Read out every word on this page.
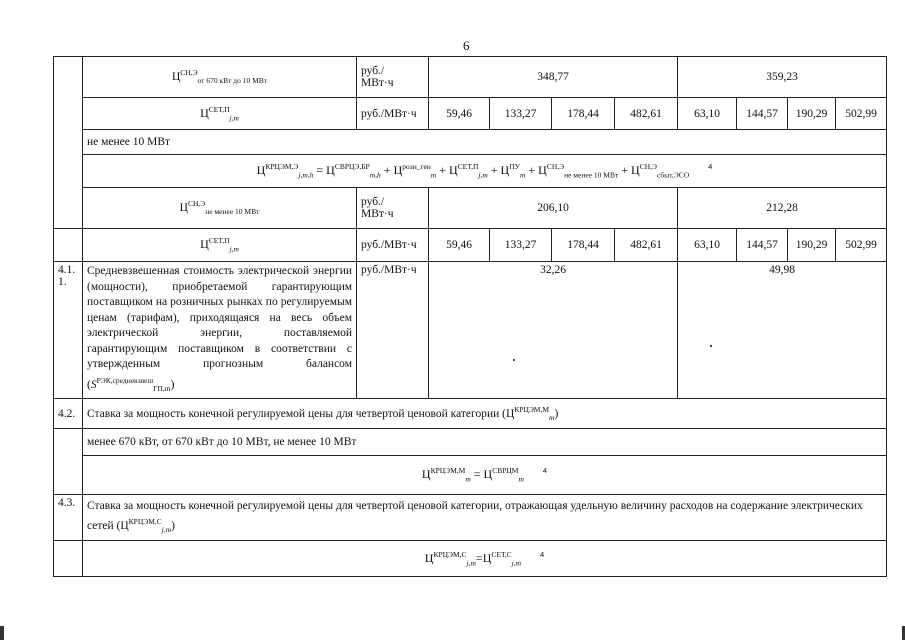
6
	$Ц^{СН,Э}_{от 670 кВт до 10 МВт}$	руб./
МВт·ч	348,77				359,23			
	$Ц^{СЕТ,П}_{j,m}$	руб./МВт·ч	59,46	133,27	178,44	482,61	63,10	144,57	190,29	502,99
	не менее 10 МВт									
	$Ц^{КРЦЭМ,Э}_{j,m,h} = Ц^{СВРЦЭ,БР}_{m,h} + Ц^{розн\_ген}_m + Ц^{СЕТ,П}_{j,m} + Ц^{ПУ}_m + Ц^{СН,Э}_{не менее 10 МВт} + Ц^{СН,Э}_{сбыт,ЭСО}$ $^4$
	$Ц^{СН,Э}_{не менее 10 МВт}$	руб./
МВт·ч	206,10				212,28			
	$Ц^{СЕТ,П}_{j,m}$	руб./МВт·ч	59,46	133,27	178,44	482,61	63,10	144,57	190,29	502,99
4.1.
1.	Средневзвешенная стоимость электрической энергии (мощности), приобретаемой гарантирующим поставщиком на розничных рынках по регулируемым ценам (тарифам), приходящаяся на весь объем электрической энергии, поставляемой гарантирующим поставщиком в соответствии с утвержденным прогнозным балансом $(S^{РЭК,средневзвеш}_{ГП,m})$	руб./МВт·ч	32,26				49,98			

4.2.	Ставка за мощность конечной регулируемой цены для четвертой ценовой категории $(Ц^{КРЦЭМ,М}_m)$									
	менее 670 кВт, от 670 кВт до 10 МВт, не менее 10 МВт									
	$Ц^{КРЦЭМ,М}_m = Ц^{СВРЦМ}_m$ $^4$
4.3.	Ставка за мощность конечной регулируемой цены для четвертой ценовой категории, отражающая удельную величину расходов на содержание электрических сетей $(Ц^{КРЦЭМ,С}_{j,m})$									
	$Ц^{КРЦЭМ,С}_{j,m}=Ц^{СЕТ,С}_{j,m}$ $^4$
